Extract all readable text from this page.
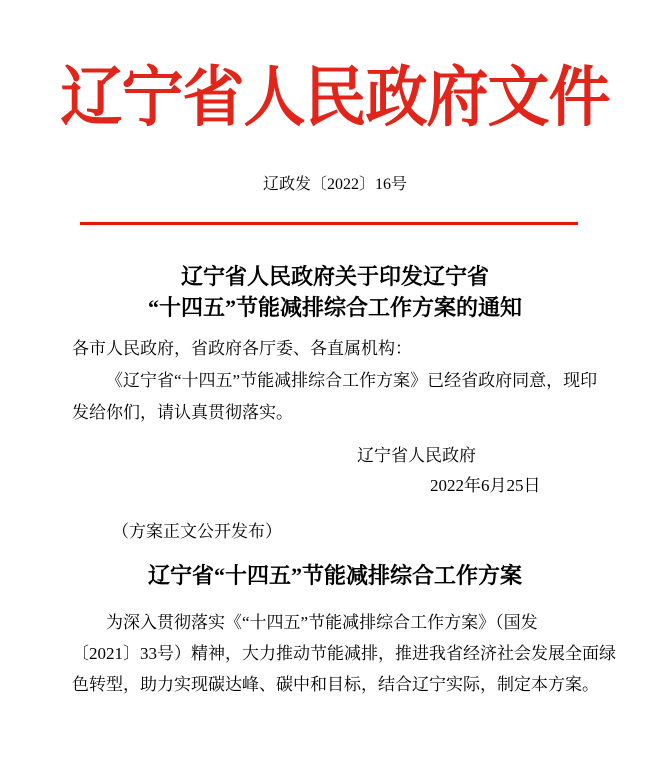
辽宁省人民政府文件
辽政发〔2022〕16号
辽宁省人民政府关于印发辽宁省
“十四五”节能减排综合工作方案的通知
各市人民政府，省政府各厅委、各直属机构：
《辽宁省“十四五”节能减排综合工作方案》已经省政府同意，现印
发给你们，请认真贯彻落实。
辽宁省人民政府
2022年6月25日
（方案正文公开发布）
辽宁省“十四五”节能减排综合工作方案
为深入贯彻落实《“十四五”节能减排综合工作方案》（国发
〔2021〕33号）精神，大力推动节能减排，推进我省经济社会发展全面绿
色转型，助力实现碳达峰、碳中和目标，结合辽宁实际，制定本方案。
